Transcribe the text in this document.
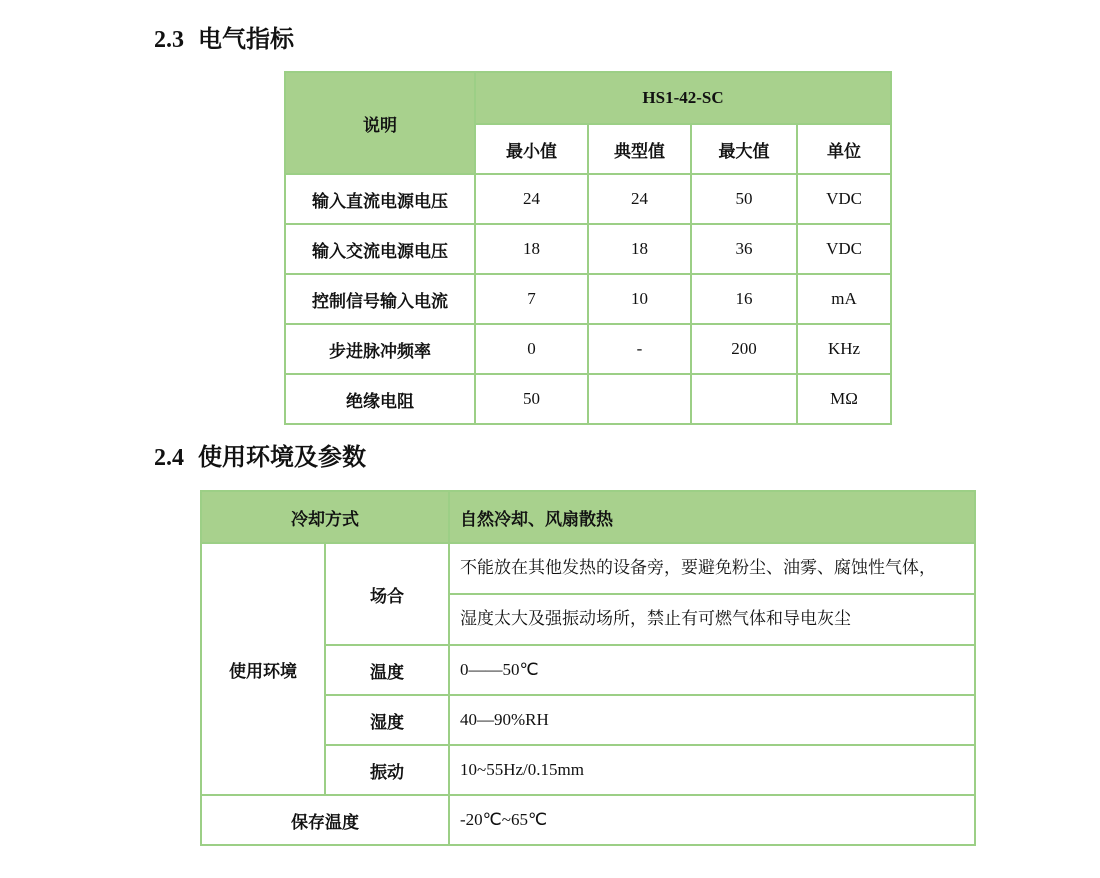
2.3 电气指标
说明	HS1-42-SC			
	最小值	典型值	最大值	单位
输入直流电源电压	24	24	50	VDC
输入交流电源电压	18	18	36	VDC
控制信号输入电流	7	10	16	mA
步进脉冲频率	0	-	200	KHz
绝缘电阻	50			MΩ
2.4 使用环境及参数
冷却方式		自然冷却、风扇散热
使用环境	场合	不能放在其他发热的设备旁，要避免粉尘、油雾、腐蚀性气体，
		湿度太大及强振动场所，禁止有可燃气体和导电灰尘
	温度	0——50℃
	湿度	40—90%RH
	振动	10~55Hz/0.15mm
保存温度		-20℃~65℃
